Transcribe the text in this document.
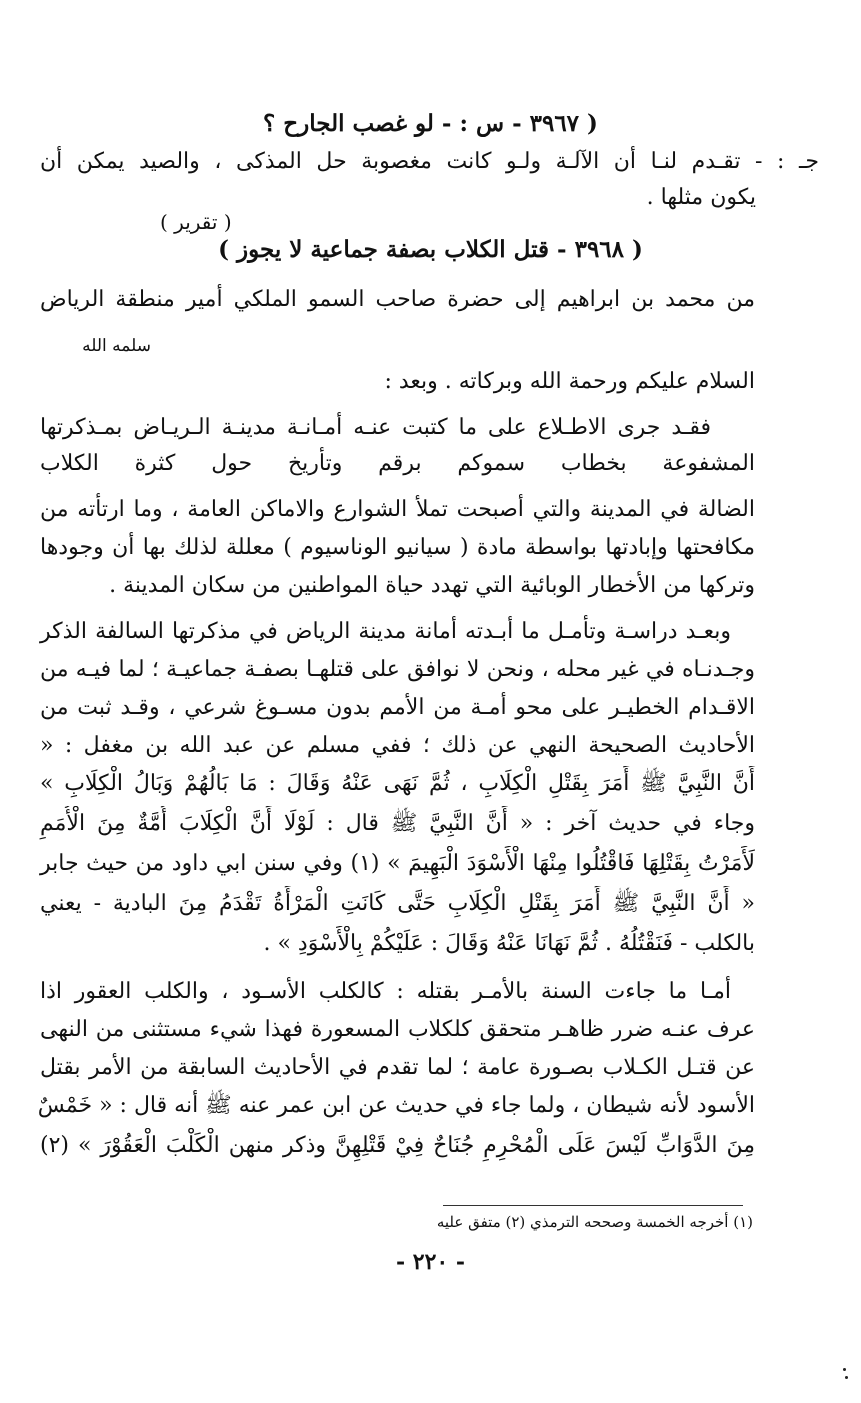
( ٣٩٦٧ - س : - لو غصب الجارح ؟
جـ : - تقـدم لنـا أن الآلـة ولـو كانت مغصوبة حل المذكى ، والصيد يمكن أن
يكون مثلها .
( تقرير )
( ٣٩٦٨ - قتل الكلاب بصفة جماعية لا يجوز )
من محمد بن ابراهيم إلى حضرة صاحب السمو الملكي أمير منطقة الرياض
سلمه الله
السلام عليكم ورحمة الله وبركاته . وبعد :
فقـد جرى الاطـلاع على ما كتبت عنـه أمـانـة مدينـة الـريـاض بمـذكرتها
المشفوعة بخطاب سموكم برقم وتأريخ حول كثرة الكلاب
الضالة في المدينة والتي أصبحت تملأ الشوارع والاماكن العامة ، وما ارتأته من
مكافحتها وإبادتها بواسطة مادة ( سيانيو الوناسيوم ) معللة لذلك بها أن وجودها
وتركها من الأخطار الوبائية التي تهدد حياة المواطنين من سكان المدينة .
وبعـد دراسـة وتأمـل ما أبـدته أمانة مدينة الرياض في مذكرتها السالفة الذكر
وجـدنـاه في غير محله ، ونحن لا نوافق على قتلهـا بصفـة جماعيـة ؛ لما فيـه من
الاقـدام الخطيـر على محو أمـة من الأمم بدون مسـوغ شرعي ، وقـد ثبت من
الأحاديث الصحيحة النهي عن ذلك ؛ ففي مسلم عن عبد الله بن مغفل : «
أَنَّ النَّبِيَّ ﷺ أَمَرَ بِقَتْلِ الْكِلَابِ ، ثُمَّ نَهَى عَنْهُ وَقَالَ : مَا بَالُهُمْ وَبَالُ الْكِلَابِ »
وجاء في حديث آخر : « أَنَّ النَّبِيَّ ﷺ قال : لَوْلَا أَنَّ الْكِلَابَ أُمَّةٌ مِنَ الْأُمَمِ
لَأَمَرْتُ بِقَتْلِهَا فَاقْتُلُوا مِنْهَا الْأَسْوَدَ الْبَهِيمَ » (١) وفي سنن ابي داود من حيث جابر
« أَنَّ النَّبِيَّ ﷺ أَمَرَ بِقَتْلِ الْكِلَابِ حَتَّى كَانَتِ الْمَرْأَةُ تَقْدَمُ مِنَ البادية - يعني
بالكلب - فَنَقْتُلُهُ . ثُمَّ نَهَانَا عَنْهُ وَقَالَ : عَلَيْكُمْ بِالْأَسْوَدِ » .
أمـا ما جاءت السنة بالأمـر بقتله : كالكلب الأسـود ، والكلب العقور اذا
عرف عنـه ضرر ظاهـر متحقق كلكلاب المسعورة فهذا شيء مستثنى من النهى
عن قتـل الكـلاب بصـورة عامة ؛ لما تقدم في الأحاديث السابقة من الأمر بقتل
الأسود لأنه شيطان ، ولما جاء في حديث عن ابن عمر عنه ﷺ أنه قال : « خَمْسٌ
مِنَ الدَّوَابِّ لَيْسَ عَلَى الْمُحْرِمِ جُنَاحٌ فِيْ قَتْلِهِنَّ وذكر منهن الْكَلْبَ الْعَقُوْرَ » (٢)
(١) أخرجه الخمسة وصححه الترمذي (٢) متفق عليه
- ٢٢٠ -
